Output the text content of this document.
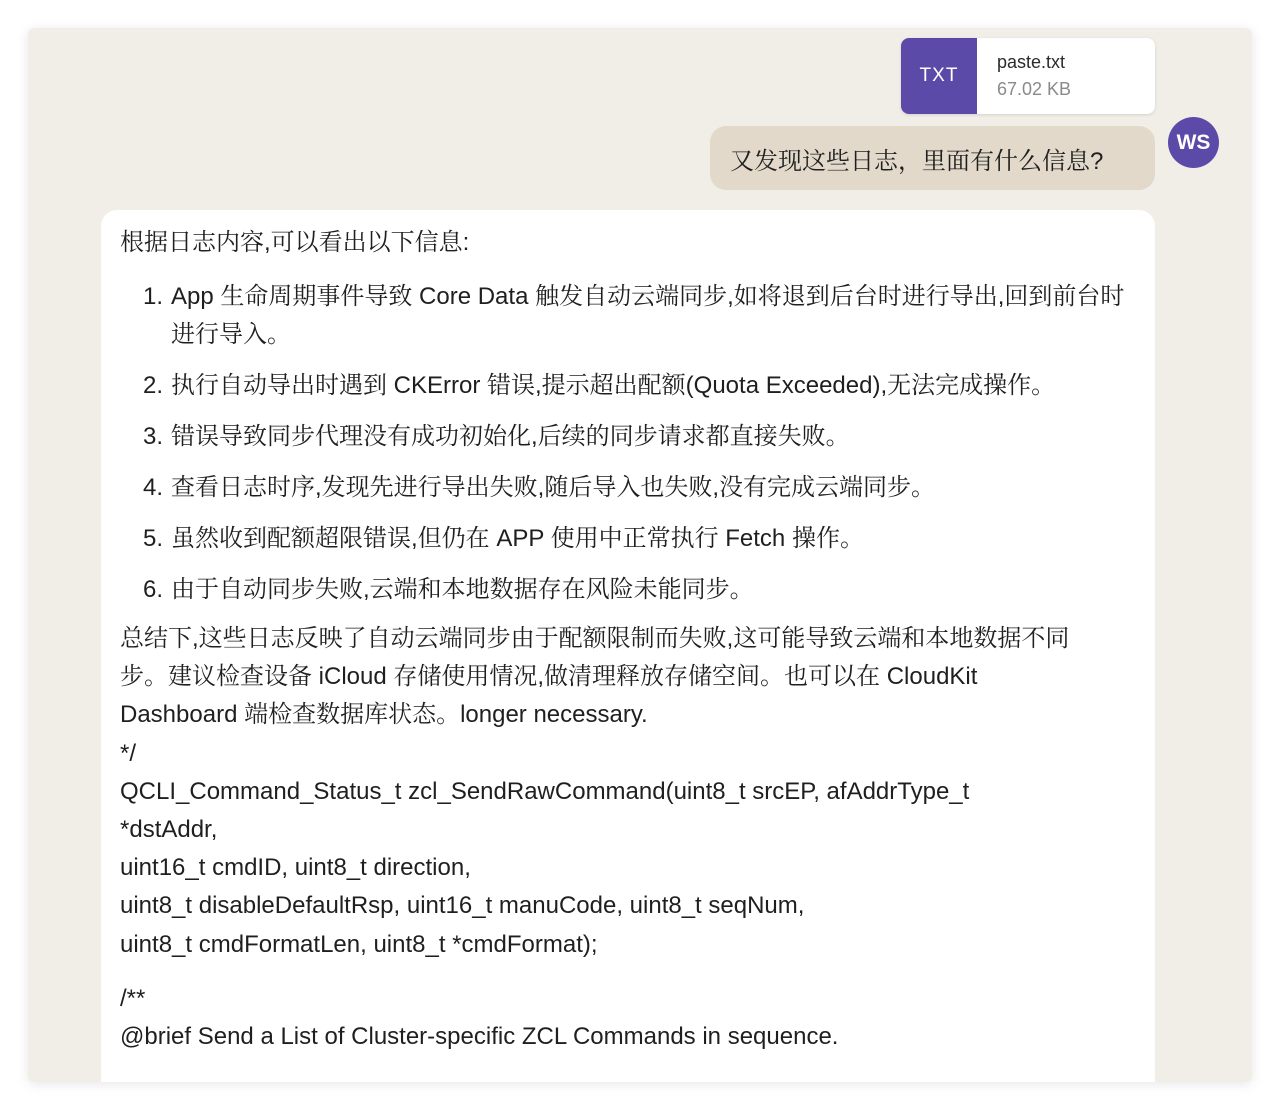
TXT
paste.txt
67.02 KB
又发现这些日志，里面有什么信息?
WS
根据日志内容,可以看出以下信息:
1. App 生命周期事件导致 Core Data 触发自动云端同步,如将退到后台时进行导出,回到前台时进行导入。
2. 执行自动导出时遇到 CKError 错误,提示超出配额(Quota Exceeded),无法完成操作。
3. 错误导致同步代理没有成功初始化,后续的同步请求都直接失败。
4. 查看日志时序,发现先进行导出失败,随后导入也失败,没有完成云端同步。
5. 虽然收到配额超限错误,但仍在 APP 使用中正常执行 Fetch 操作。
6. 由于自动同步失败,云端和本地数据存在风险未能同步。
总结下,这些日志反映了自动云端同步由于配额限制而失败,这可能导致云端和本地数据不同
步。建议检查设备 iCloud 存储使用情况,做清理释放存储空间。也可以在 CloudKit
Dashboard 端检查数据库状态。longer necessary.
*/
QCLI_Command_Status_t zcl_SendRawCommand(uint8_t srcEP, afAddrType_t
*dstAddr,
uint16_t cmdID, uint8_t direction,
uint8_t disableDefaultRsp, uint16_t manuCode, uint8_t seqNum,
uint8_t cmdFormatLen, uint8_t *cmdFormat);
/**
@brief Send a List of Cluster-specific ZCL Commands in sequence.
